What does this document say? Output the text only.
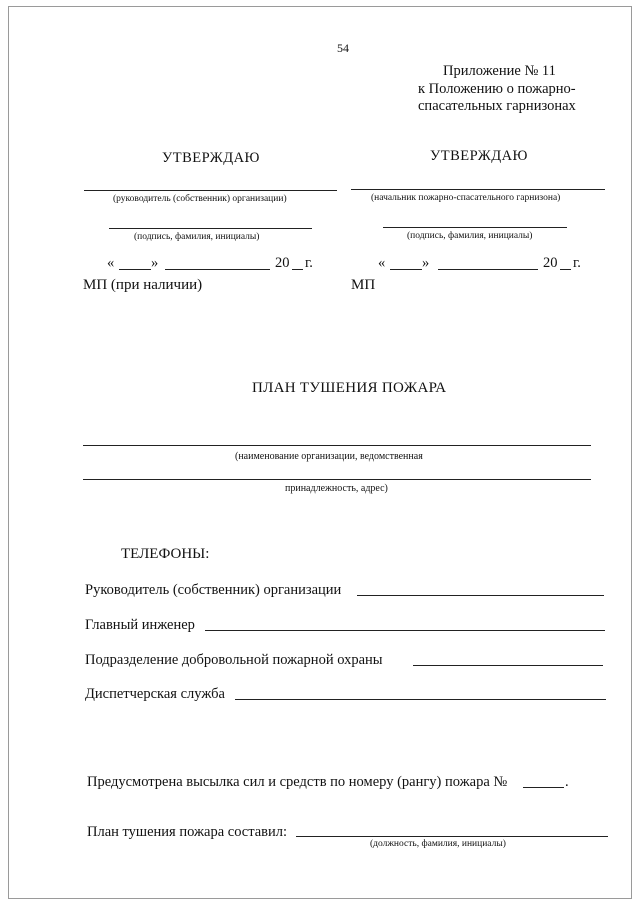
54
Приложение № 11
к Положению о пожарно-
спасательных гарнизонах
УТВЕРЖДАЮ
(руководитель (собственник) организации)
(подпись, фамилия, инициалы)
«	»	20 г.
МП (при наличии)
УТВЕРЖДАЮ
(начальник пожарно-спасательного гарнизона)
(подпись, фамилия, инициалы)
«	»	20 г.
МП
ПЛАН ТУШЕНИЯ ПОЖАРА
(наименование организации, ведомственная
принадлежность, адрес)
ТЕЛЕФОНЫ:
Руководитель (собственник) организации
Главный инженер
Подразделение добровольной пожарной охраны
Диспетчерская служба
Предусмотрена высылка сил и средств по номеру (рангу) пожара №	.
План тушения пожара составил:
(должность, фамилия, инициалы)
